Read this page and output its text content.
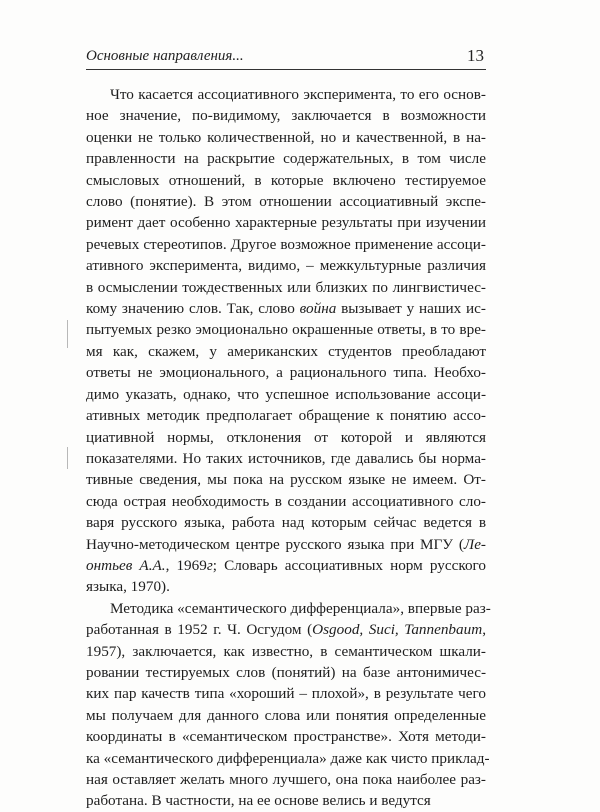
Основные направления...	13

Что касается ассоциативного эксперимента, то его основ-
ное значение, по-видимому, заключается в возможности
оценки не только количественной, но и качественной, в на-
правленности на раскрытие содержательных, в том числе
смысловых отношений, в которые включено тестируемое
слово (понятие). В этом отношении ассоциативный экспе-
римент дает особенно характерные результаты при изучении
речевых стереотипов. Другое возможное применение ассоци-
ативного эксперимента, видимо, – межкультурные различия
в осмыслении тождественных или близких по лингвистичес-
кому значению слов. Так, слово война вызывает у наших ис-
пытуемых резко эмоционально окрашенные ответы, в то вре-
мя как, скажем, у американских студентов преобладают
ответы не эмоционального, а рационального типа. Необхо-
димо указать, однако, что успешное использование ассоци-
ативных методик предполагает обращение к понятию ассо-
циативной нормы, отклонения от которой и являются
показателями. Но таких источников, где давались бы норма-
тивные сведения, мы пока на русском языке не имеем. От-
сюда острая необходимость в создании ассоциативного сло-
варя русского языка, работа над которым сейчас ведется в
Научно-методическом центре русского языка при МГУ (Ле-
онтьев А.А., 1969г; Словарь ассоциативных норм русского
языка, 1970).

Методика «семантического дифференциала», впервые раз-
работанная в 1952 г. Ч. Осгудом (Osgood, Suci, Tannenbaum,
1957), заключается, как известно, в семантическом шкали-
ровании тестируемых слов (понятий) на базе антонимичес-
ких пар качеств типа «хороший – плохой», в результате чего
мы получаем для данного слова или понятия определенные
координаты в «семантическом пространстве». Хотя методи-
ка «семантического дифференциала» даже как чисто приклад-
ная оставляет желать много лучшего, она пока наиболее раз-
работана. В частности, на ее основе велись и ведутся
